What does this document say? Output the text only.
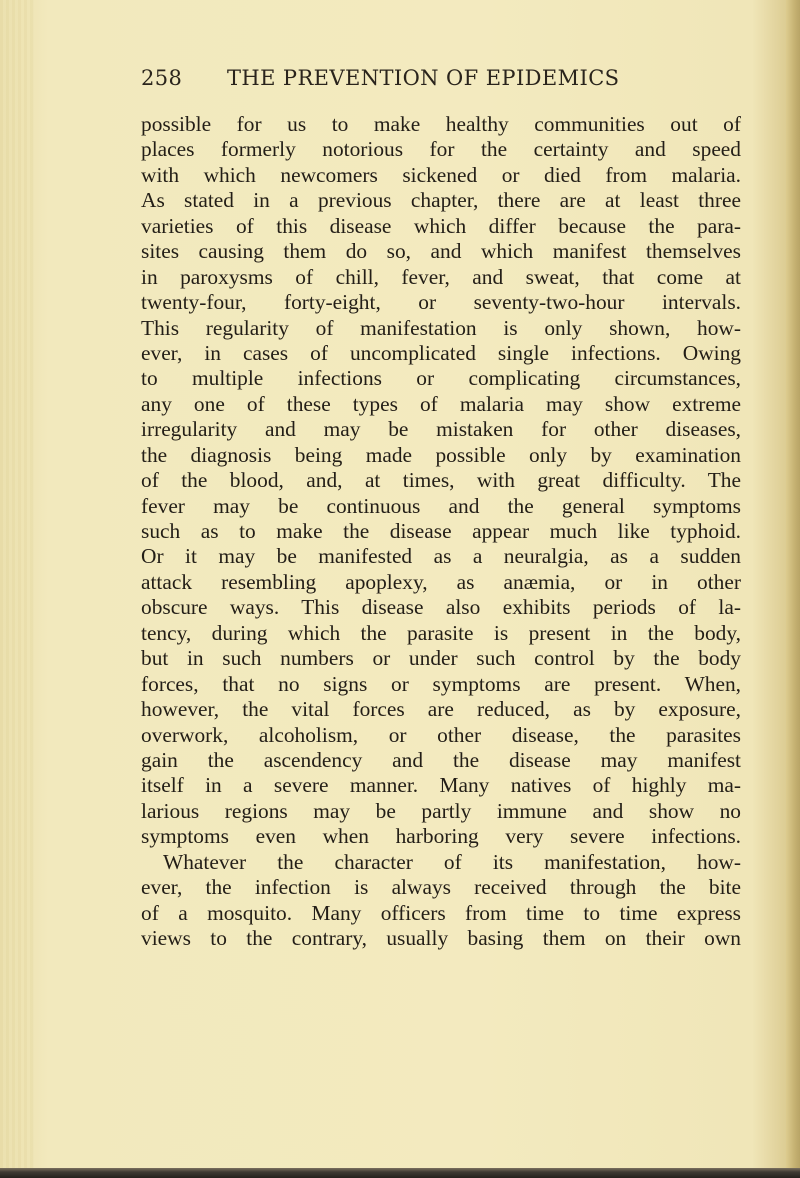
258 THE PREVENTION OF EPIDEMICS
possible for us to make healthy communities out of
places formerly notorious for the certainty and speed
with which newcomers sickened or died from malaria.
As stated in a previous chapter, there are at least three
varieties of this disease which differ because the para-
sites causing them do so, and which manifest themselves
in paroxysms of chill, fever, and sweat, that come at
twenty-four, forty-eight, or seventy-two-hour intervals.
This regularity of manifestation is only shown, how-
ever, in cases of uncomplicated single infections. Owing
to multiple infections or complicating circumstances,
any one of these types of malaria may show extreme
irregularity and may be mistaken for other diseases,
the diagnosis being made possible only by examination
of the blood, and, at times, with great difficulty. The
fever may be continuous and the general symptoms
such as to make the disease appear much like typhoid.
Or it may be manifested as a neuralgia, as a sudden
attack resembling apoplexy, as anæmia, or in other
obscure ways. This disease also exhibits periods of la-
tency, during which the parasite is present in the body,
but in such numbers or under such control by the body
forces, that no signs or symptoms are present. When,
however, the vital forces are reduced, as by exposure,
overwork, alcoholism, or other disease, the parasites
gain the ascendency and the disease may manifest
itself in a severe manner. Many natives of highly ma-
larious regions may be partly immune and show no
symptoms even when harboring very severe infections.
Whatever the character of its manifestation, how-
ever, the infection is always received through the bite
of a mosquito. Many officers from time to time express
views to the contrary, usually basing them on their own
